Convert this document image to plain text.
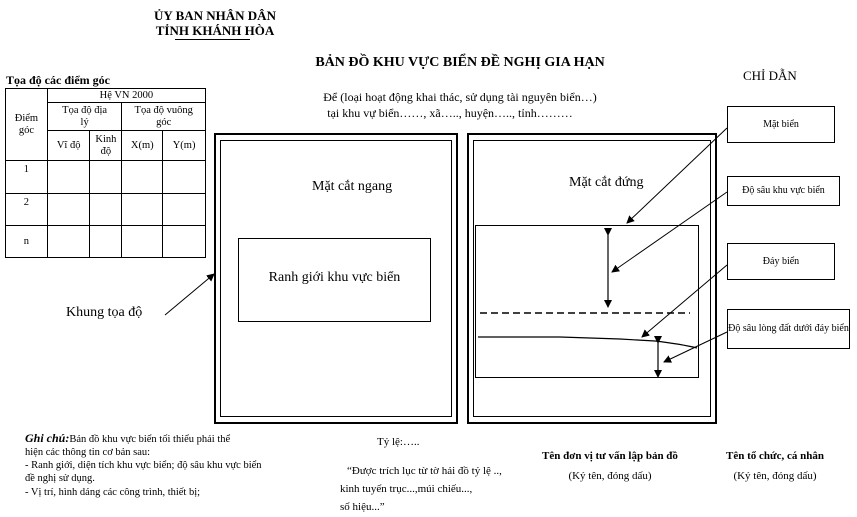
ỦY BAN NHÂN DÂN
TỈNH KHÁNH HÒA
BẢN ĐỒ KHU VỰC BIỂN ĐỀ NGHỊ GIA HẠN
Để (loại hoạt động khai thác, sử dụng tài nguyên biển…)
tại khu vự biển……, xã….., huyện….., tỉnh………
CHỈ DẪN
Tọa độ các điểm góc
Điểm góc	Hệ VN 2000			
	Tọa độ địa lý		Tọa độ vuông góc	
	Vĩ độ	Kinh độ	X(m)	Y(m)
1				
2				
n				
Mặt cắt ngang
Ranh giới khu vực biển
Khung tọa độ
Mặt cắt đứng
Mặt biển
Độ sâu khu vực biển
Đáy biển
Độ sâu lòng đất dưới đáy biển
Ghi chú:Bản đồ khu vực biển tối thiểu phải thể
hiện các thông tin cơ bản sau:
- Ranh giới, diện tích khu vực biển; độ sâu khu vực biển
đề nghị sử dụng.
- Vị trí, hình dáng các công trình, thiết bị;
Tỷ lệ:…..
“Được trích lục từ tờ hải đồ tỷ lệ ..,
kinh tuyến trục...,múi chiếu...,
số hiệu...”
Tên đơn vị tư vấn lập bản đồ
(Ký tên, đóng dấu)
Tên tổ chức, cá nhân
(Ký tên, đóng dấu)
